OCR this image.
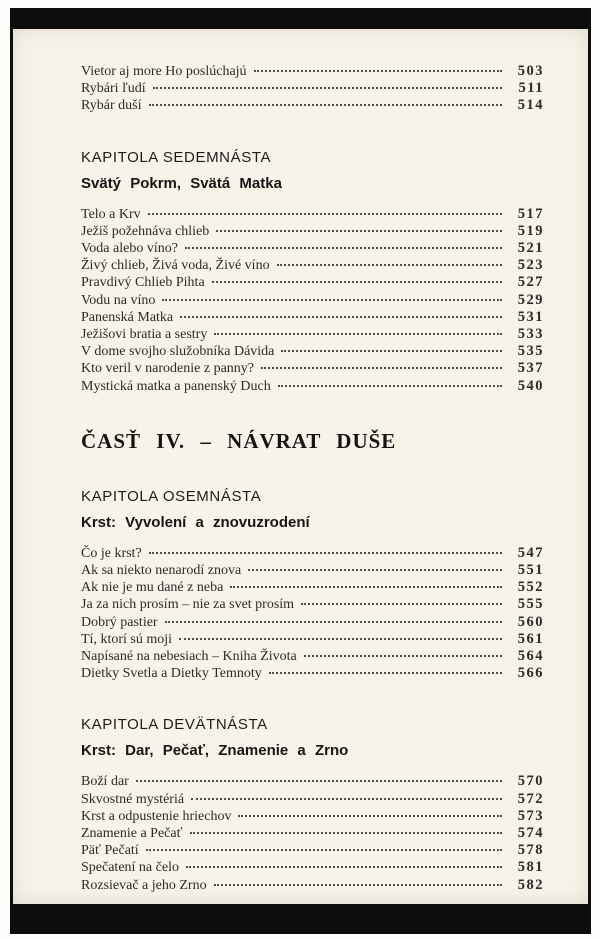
Vietor aj more Ho poslúchajú	503
Rybári ľudí	511
Rybár duší	514
KAPITOLA SEDEMNÁSTA
Svätý Pokrm, Svätá Matka
Telo a Krv	517
Ježiš požehnáva chlieb	519
Voda alebo víno?	521
Živý chlieb, Živá voda, Živé víno	523
Pravdivý Chlieb Pihta	527
Vodu na víno	529
Panenská Matka	531
Ježišovi bratia a sestry	533
V dome svojho služobníka Dávida	535
Kto veril v narodenie z panny?	537
Mystická matka a panenský Duch	540
ČASŤ IV. – NÁVRAT DUŠE
KAPITOLA OSEMNÁSTA
Krst: Vyvolení a znovuzrodení
Čo je krst?	547
Ak sa niekto nenarodí znova	551
Ak nie je mu dané z neba	552
Ja za nich prosím – nie za svet prosím	555
Dobrý pastier	560
Tí, ktorí sú moji	561
Napísané na nebesiach – Kniha Života	564
Dietky Svetla a Dietky Temnoty	566
KAPITOLA DEVÄTNÁSTA
Krst: Dar, Pečať, Znamenie a Zrno
Boží dar	570
Skvostné mystériá	572
Krst a odpustenie hriechov	573
Znamenie a Pečať	574
Päť Pečatí	578
Spečatení na čelo	581
Rozsievač a jeho Zrno	582
